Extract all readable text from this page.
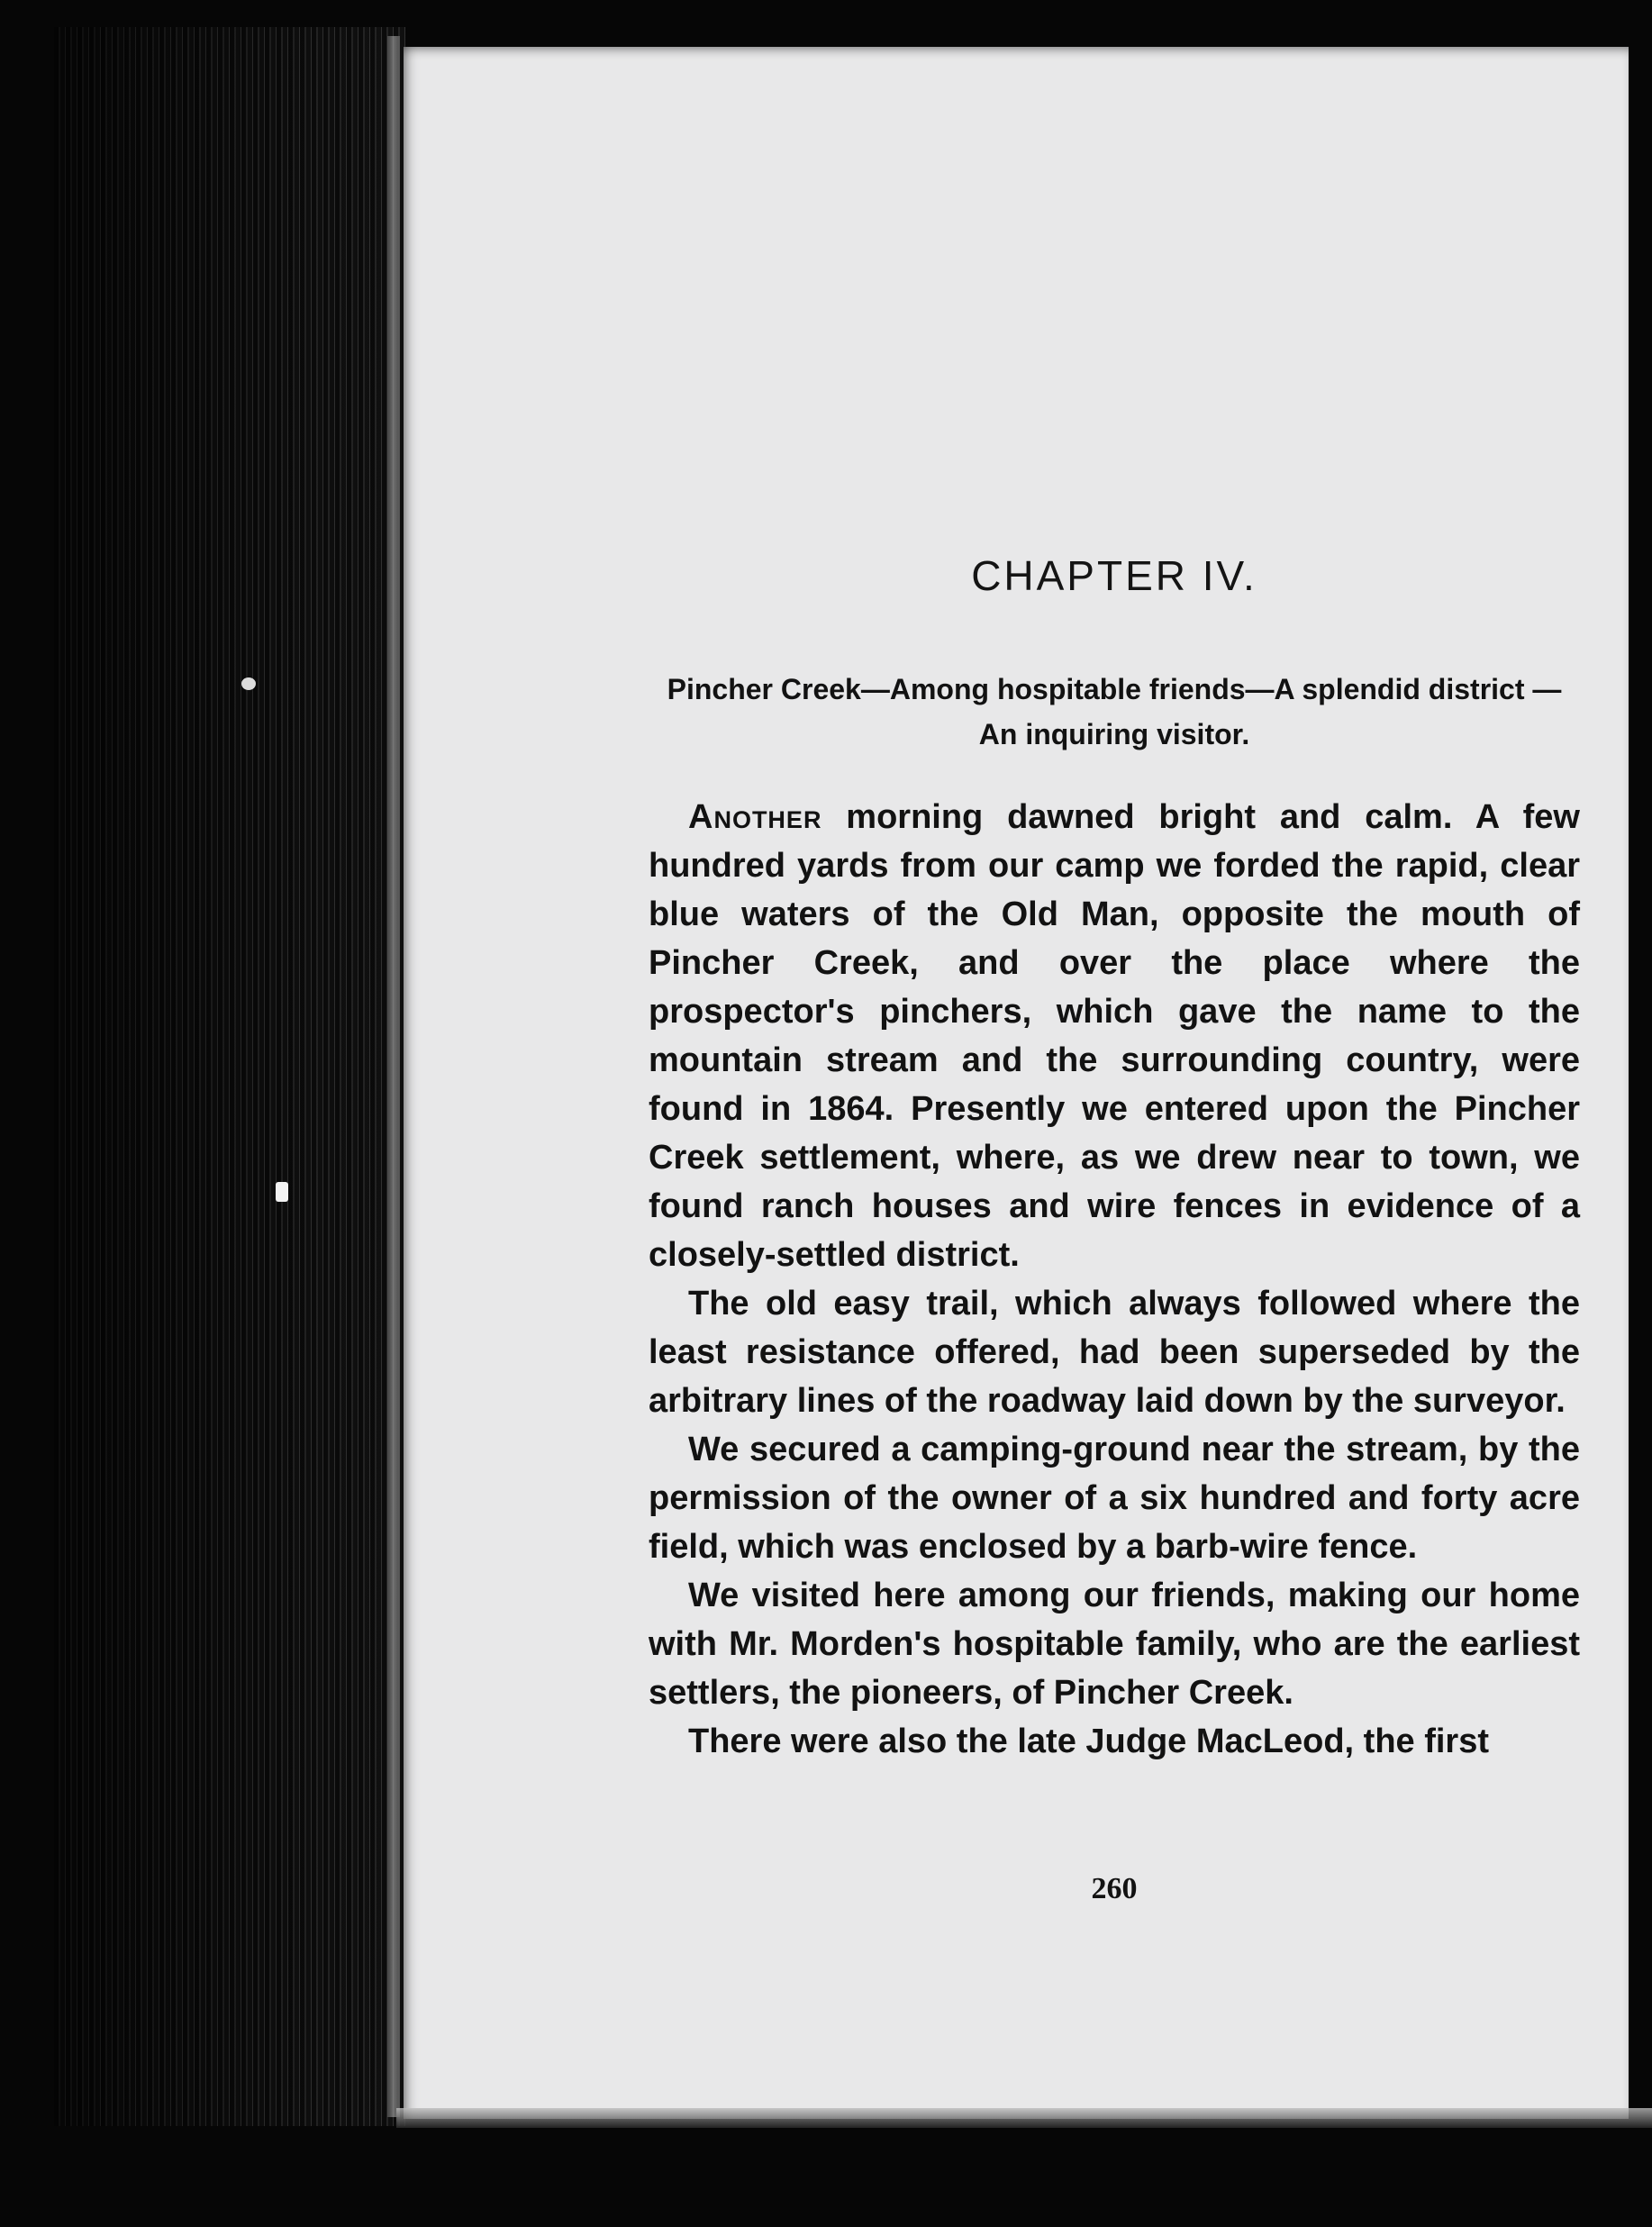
CHAPTER IV.
Pincher Creek—Among hospitable friends—A splendid district —An inquiring visitor.

Another morning dawned bright and calm. A few hundred yards from our camp we forded the rapid, clear blue waters of the Old Man, opposite the mouth of Pincher Creek, and over the place where the prospector's pinchers, which gave the name to the mountain stream and the surrounding country, were found in 1864. Presently we entered upon the Pincher Creek settlement, where, as we drew near to town, we found ranch houses and wire fences in evidence of a closely-settled district.

The old easy trail, which always followed where the least resistance offered, had been superseded by the arbitrary lines of the roadway laid down by the surveyor.

We secured a camping-ground near the stream, by the permission of the owner of a six hundred and forty acre field, which was enclosed by a barb-wire fence.

We visited here among our friends, making our home with Mr. Morden's hospitable family, who are the earliest settlers, the pioneers, of Pincher Creek.

There were also the late Judge MacLeod, the first

260
